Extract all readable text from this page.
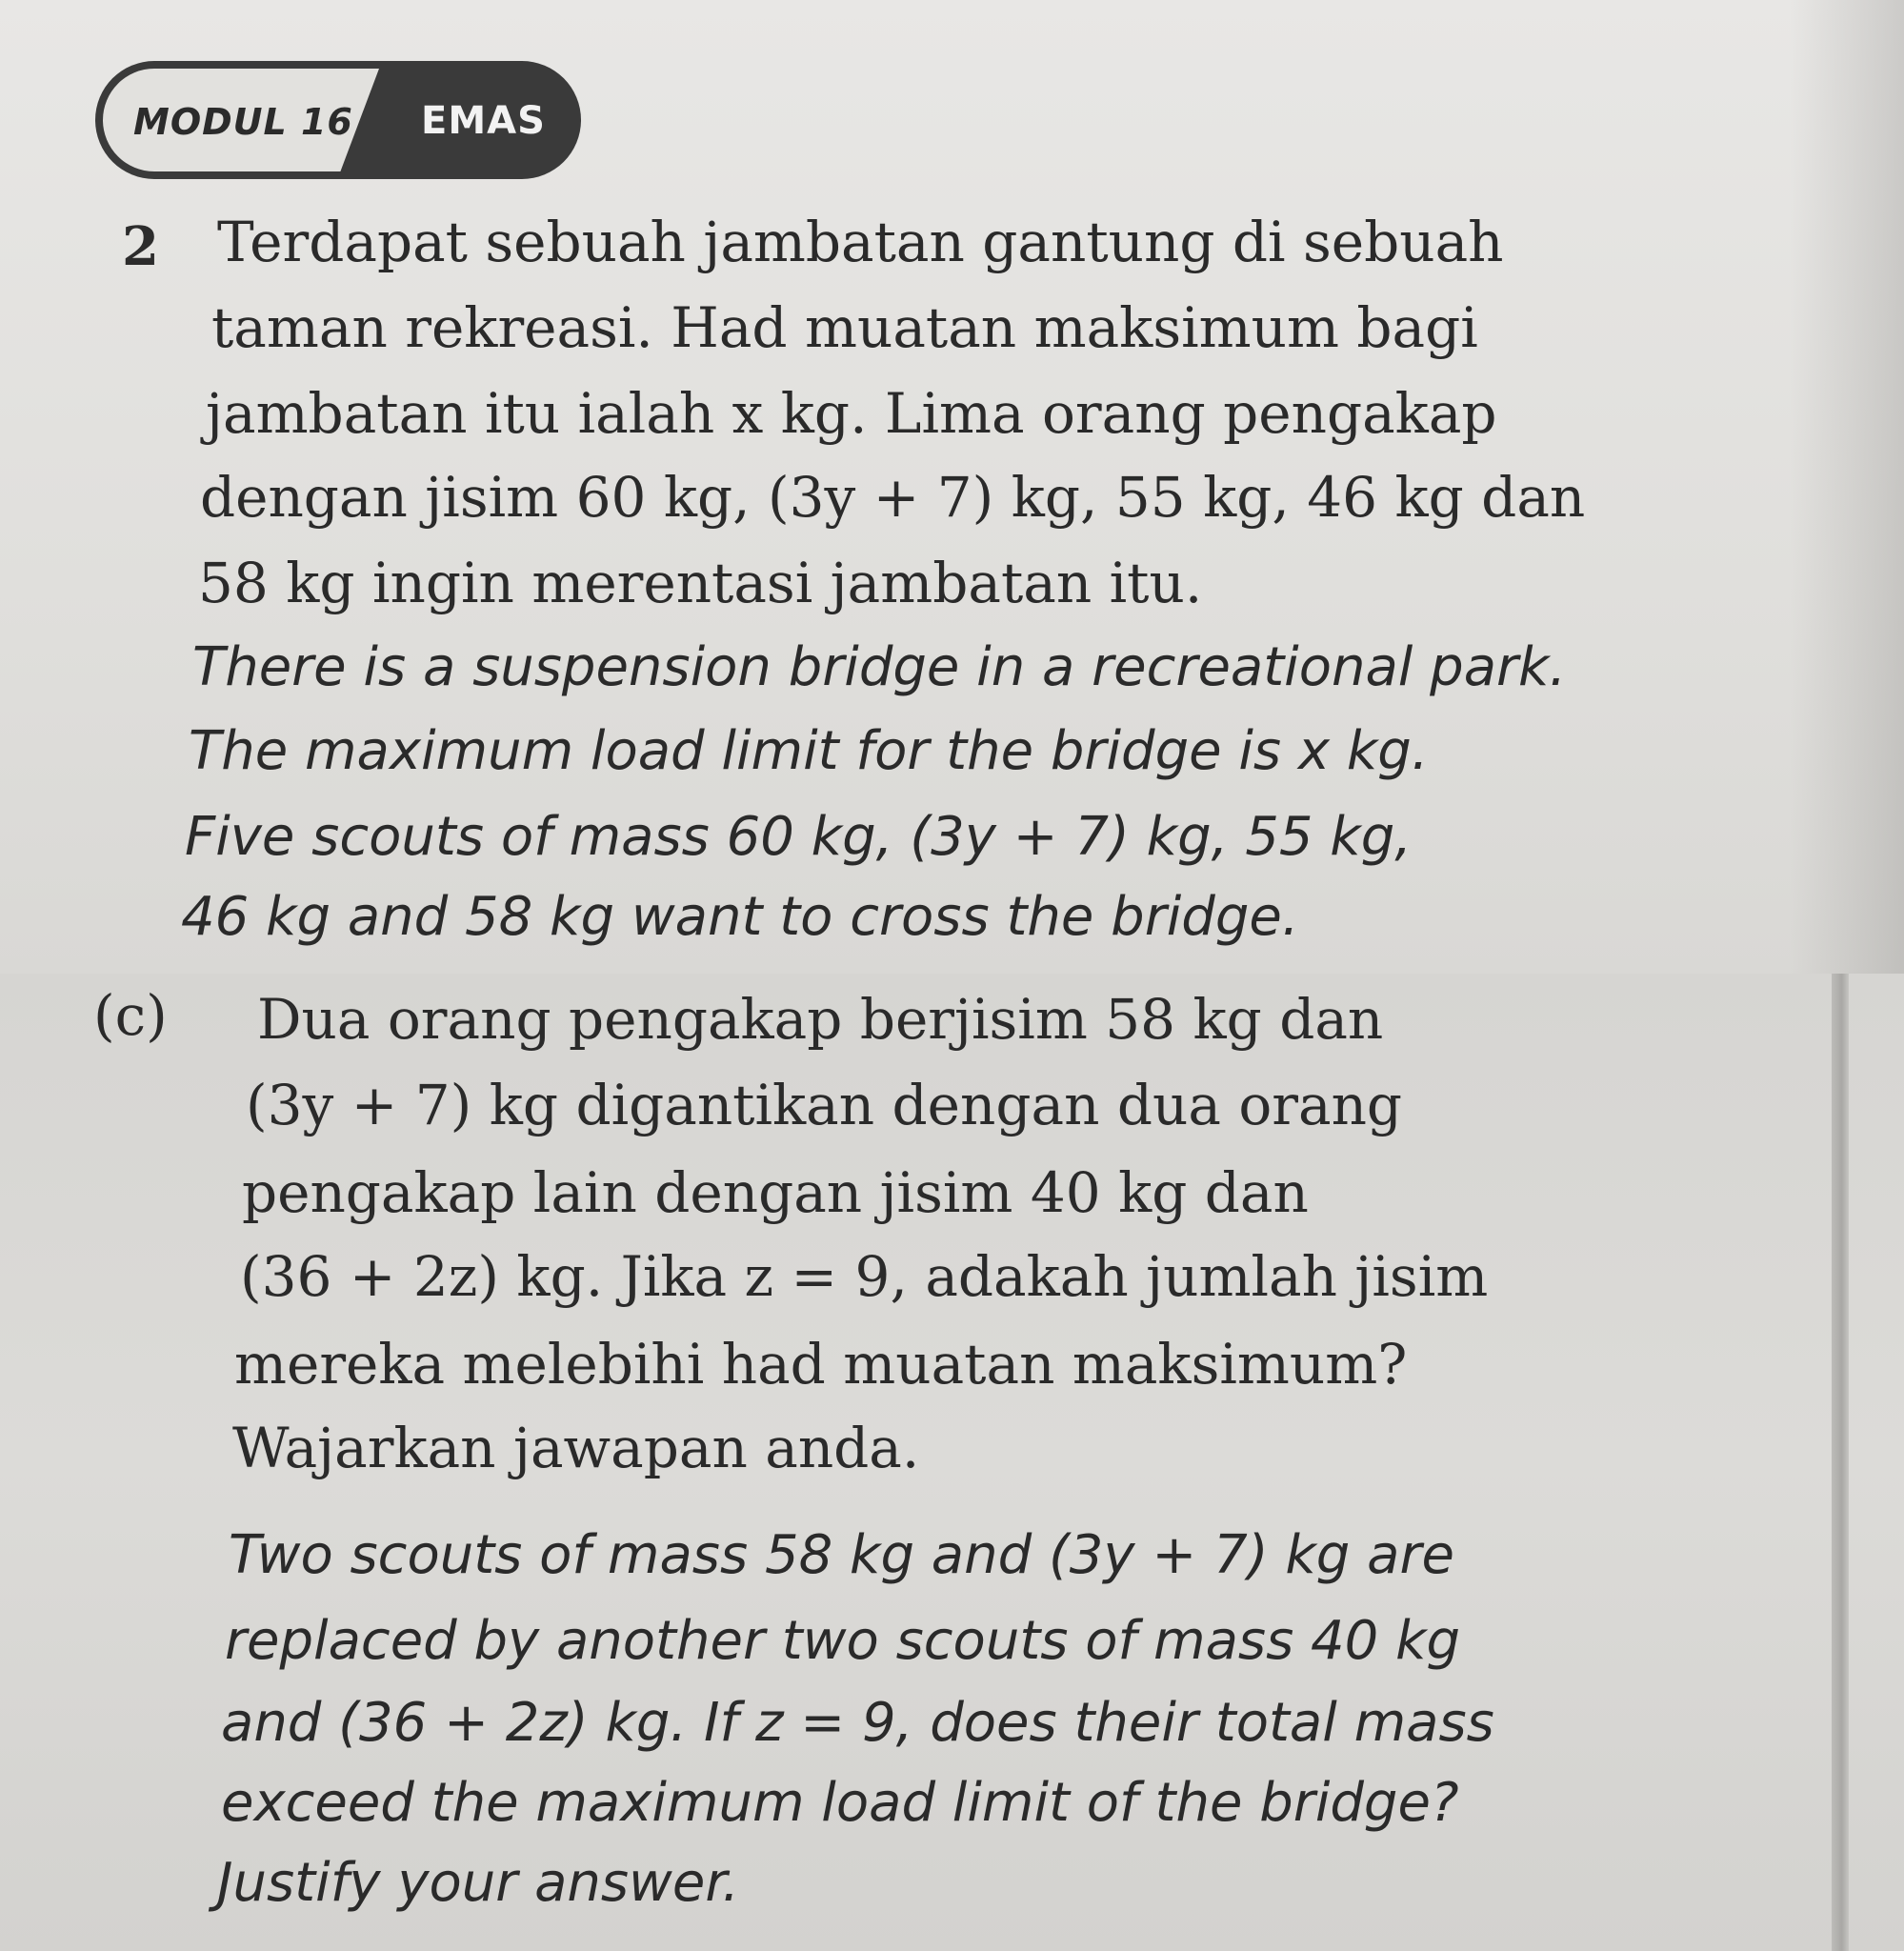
MODUL 16 EMAS
2 Terdapat sebuah jambatan gantung di sebuah
taman rekreasi. Had muatan maksimum bagi
jambatan itu ialah x kg. Lima orang pengakap
dengan jisim 60 kg, (3y + 7) kg, 55 kg, 46 kg dan
58 kg ingin merentasi jambatan itu.
There is a suspension bridge in a recreational park.
The maximum load limit for the bridge is x kg.
Five scouts of mass 60 kg, (3y + 7) kg, 55 kg,
46 kg and 58 kg want to cross the bridge.
(c) Dua orang pengakap berjisim 58 kg dan
(3y + 7) kg digantikan dengan dua orang
pengakap lain dengan jisim 40 kg dan
(36 + 2z) kg. Jika z = 9, adakah jumlah jisim
mereka melebihi had muatan maksimum?
Wajarkan jawapan anda.
Two scouts of mass 58 kg and (3y + 7) kg are
replaced by another two scouts of mass 40 kg
and (36 + 2z) kg. If z = 9, does their total mass
exceed the maximum load limit of the bridge?
Justify your answer.
